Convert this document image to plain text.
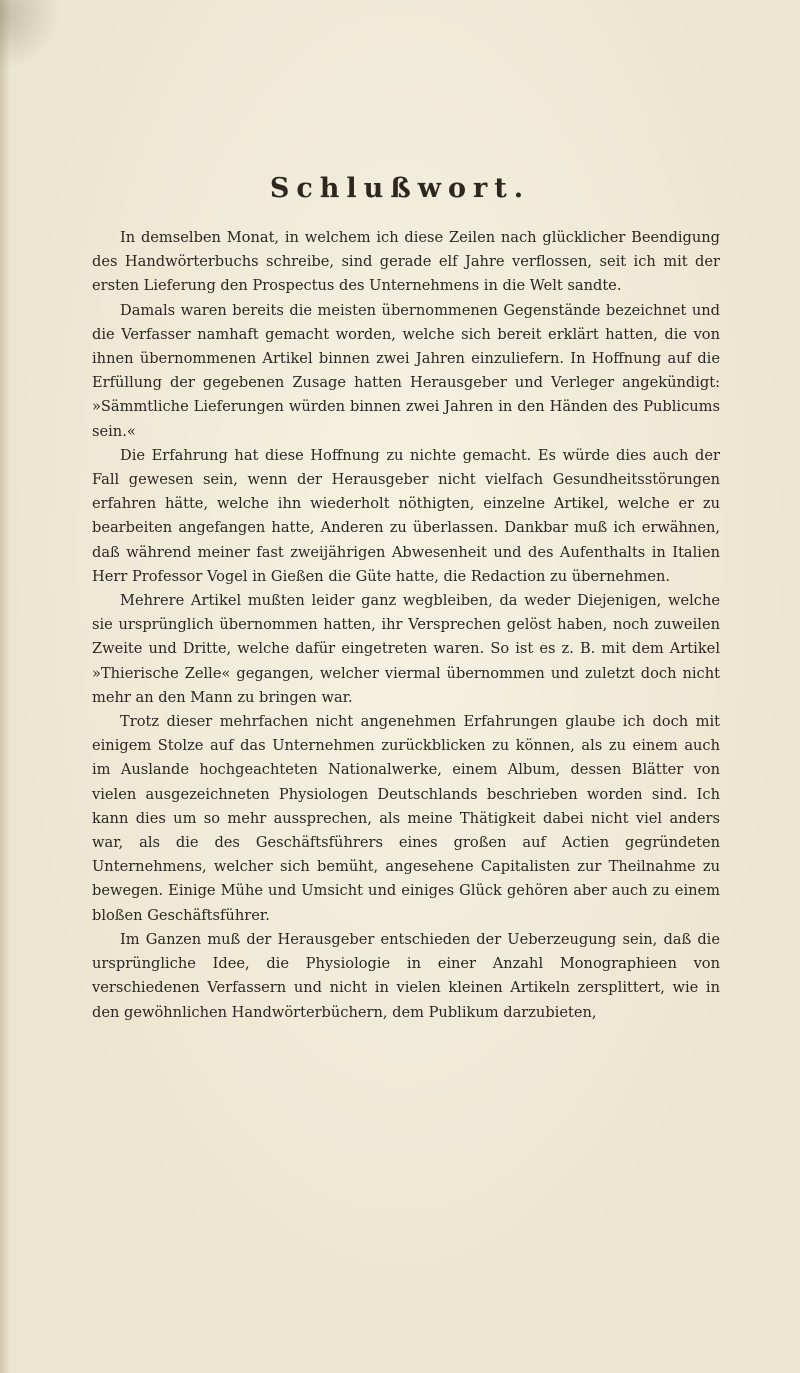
Schlußwort.

In demselben Monat, in welchem ich diese Zeilen nach glücklicher Beendigung des Handwörterbuchs schreibe, sind gerade elf Jahre verflossen, seit ich mit der ersten Lieferung den Prospectus des Unternehmens in die Welt sandte.

Damals waren bereits die meisten übernommenen Gegenstände bezeichnet und die Verfasser namhaft gemacht worden, welche sich bereit erklärt hatten, die von ihnen übernommenen Artikel binnen zwei Jahren einzuliefern. In Hoffnung auf die Erfüllung der gegebenen Zusage hatten Herausgeber und Verleger angekündigt: »Sämmtliche Lieferungen würden binnen zwei Jahren in den Händen des Publicums sein.«

Die Erfahrung hat diese Hoffnung zu nichte gemacht. Es würde dies auch der Fall gewesen sein, wenn der Herausgeber nicht vielfach Gesundheitsstörungen erfahren hätte, welche ihn wiederholt nöthigten, einzelne Artikel, welche er zu bearbeiten angefangen hatte, Anderen zu überlassen. Dankbar muß ich erwähnen, daß während meiner fast zweijährigen Abwesenheit und des Aufenthalts in Italien Herr Professor Vogel in Gießen die Güte hatte, die Redaction zu übernehmen.

Mehrere Artikel mußten leider ganz wegbleiben, da weder Diejenigen, welche sie ursprünglich übernommen hatten, ihr Versprechen gelöst haben, noch zuweilen Zweite und Dritte, welche dafür eingetreten waren. So ist es z. B. mit dem Artikel »Thierische Zelle« gegangen, welcher viermal übernommen und zuletzt doch nicht mehr an den Mann zu bringen war.

Trotz dieser mehrfachen nicht angenehmen Erfahrungen glaube ich doch mit einigem Stolze auf das Unternehmen zurückblicken zu können, als zu einem auch im Auslande hochgeachteten Nationalwerke, einem Album, dessen Blätter von vielen ausgezeichneten Physiologen Deutschlands beschrieben worden sind. Ich kann dies um so mehr aussprechen, als meine Thätigkeit dabei nicht viel anders war, als die des Geschäftsführers eines großen auf Actien gegründeten Unternehmens, welcher sich bemüht, angesehene Capitalisten zur Theilnahme zu bewegen. Einige Mühe und Umsicht und einiges Glück gehören aber auch zu einem bloßen Geschäftsführer.

Im Ganzen muß der Herausgeber entschieden der Ueberzeugung sein, daß die ursprüngliche Idee, die Physiologie in einer Anzahl Monographieen von verschiedenen Verfassern und nicht in vielen kleinen Artikeln zersplittert, wie in den gewöhnlichen Handwörterbüchern, dem Publikum darzubieten,
